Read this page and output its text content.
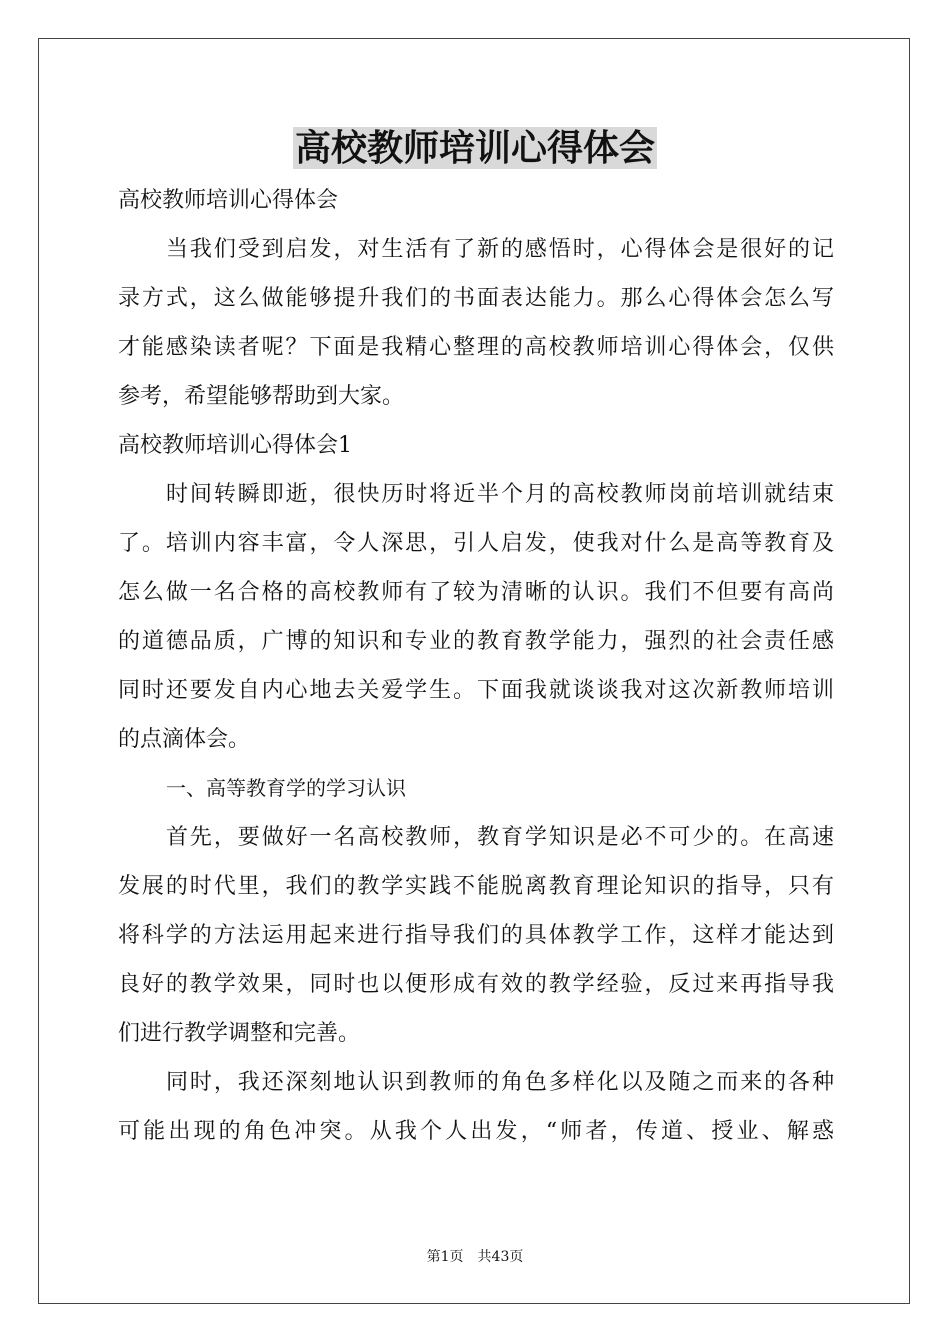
高校教师培训心得体会
高校教师培训心得体会
当我们受到启发，对生活有了新的感悟时，心得体会是很好的记
录方式，这么做能够提升我们的书面表达能力。那么心得体会怎么写
才能感染读者呢？下面是我精心整理的高校教师培训心得体会，仅供
参考，希望能够帮助到大家。
高校教师培训心得体会1
时间转瞬即逝，很快历时将近半个月的高校教师岗前培训就结束
了。培训内容丰富，令人深思，引人启发，使我对什么是高等教育及
怎么做一名合格的高校教师有了较为清晰的认识。我们不但要有高尚
的道德品质，广博的知识和专业的教育教学能力，强烈的社会责任感
同时还要发自内心地去关爱学生。下面我就谈谈我对这次新教师培训
的点滴体会。
一、高等教育学的学习认识
首先，要做好一名高校教师，教育学知识是必不可少的。在高速
发展的时代里，我们的教学实践不能脱离教育理论知识的指导，只有
将科学的方法运用起来进行指导我们的具体教学工作，这样才能达到
良好的教学效果，同时也以便形成有效的教学经验，反过来再指导我
们进行教学调整和完善。
同时，我还深刻地认识到教师的角色多样化以及随之而来的各种
可能出现的角色冲突。从我个人出发，“师者，传道、授业、解惑
第1页　共43页
